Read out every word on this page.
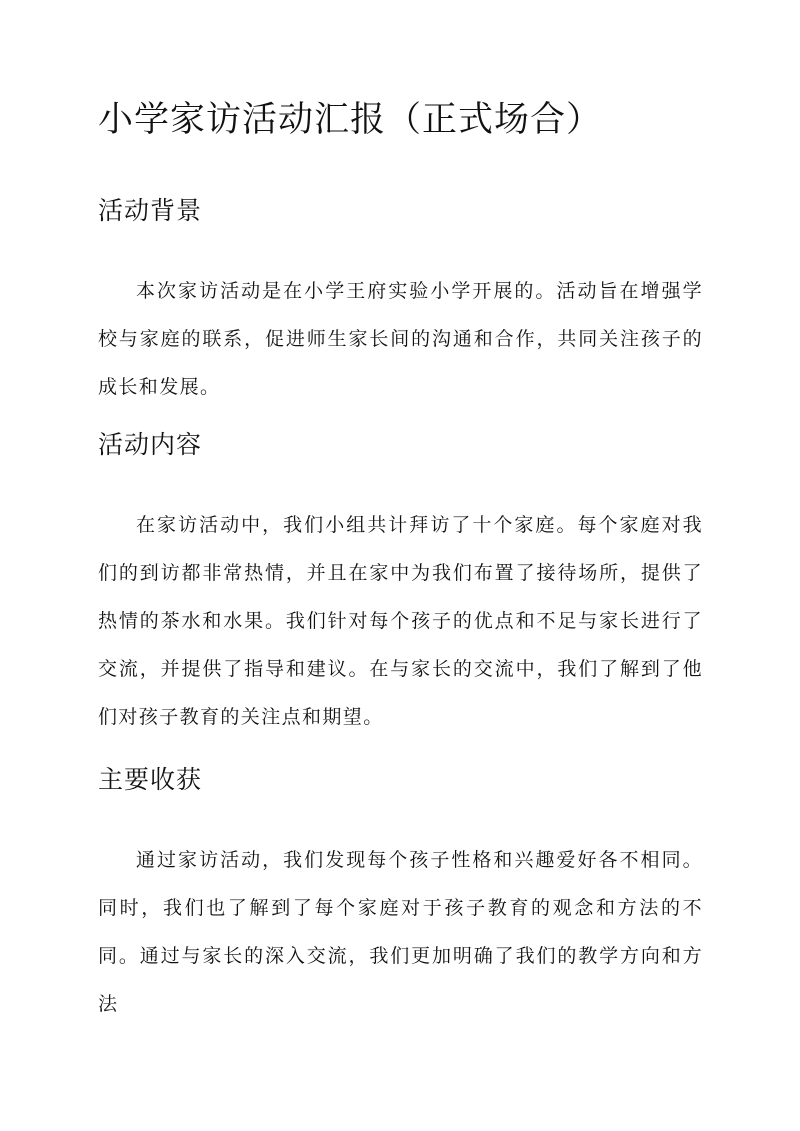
小学家访活动汇报（正式场合）
活动背景

本次家访活动是在小学王府实验小学开展的。活动旨在增强学校与家庭的联系，促进师生家长间的沟通和合作，共同关注孩子的成长和发展。

活动内容

在家访活动中，我们小组共计拜访了十个家庭。每个家庭对我们的到访都非常热情，并且在家中为我们布置了接待场所，提供了热情的茶水和水果。我们针对每个孩子的优点和不足与家长进行了交流，并提供了指导和建议。在与家长的交流中，我们了解到了他们对孩子教育的关注点和期望。

主要收获

通过家访活动，我们发现每个孩子性格和兴趣爱好各不相同。同时，我们也了解到了每个家庭对于孩子教育的观念和方法的不同。通过与家长的深入交流，我们更加明确了我们的教学方向和方法
